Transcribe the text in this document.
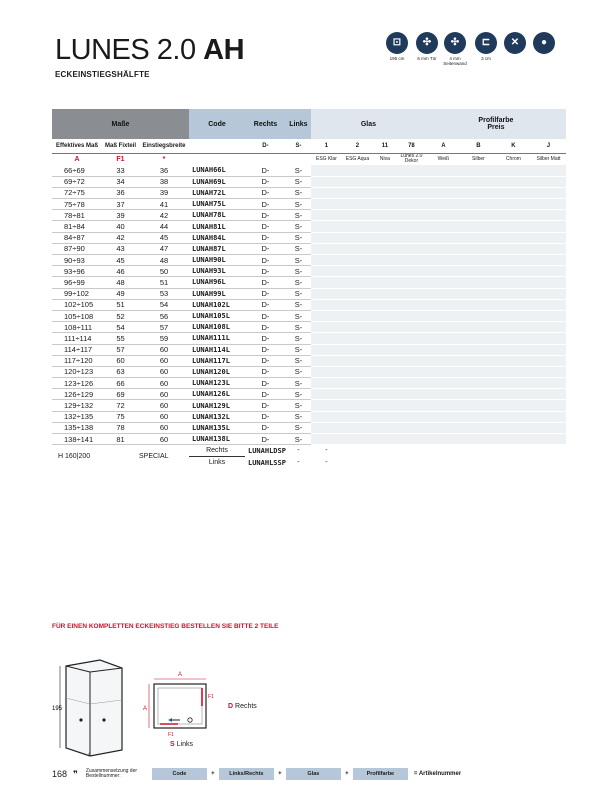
LUNES 2.0 AH
ECKEINSTIEGSHÄLFTE
⊡
195 cm
✣
6 mm Tür
✣
4 mm Seitenwand
⊏
3 cm
✕	●
Maße			Code	Rechts	Links	Glas				Profilfarbe
Preis			

Effektives Maß	Maß Fixteil	Einstiegsbreite		D-	S-	1	2	11	78	A	B	K	J
A	F1	*				ESG Klar	ESG Aqua	Niva	Lunes 2.0 Dekor	Weiß	Silber	Chrom	Silber Matt
66÷69	33	36	LUNAH66L	D-	S-								
69÷72	34	38	LUNAH69L	D-	S-								
72÷75	36	39	LUNAH72L	D-	S-								
75÷78	37	41	LUNAH75L	D-	S-								
78÷81	39	42	LUNAH78L	D-	S-								
81÷84	40	44	LUNAH81L	D-	S-								
84÷87	42	45	LUNAH84L	D-	S-								
87÷90	43	47	LUNAH87L	D-	S-								
90÷93	45	48	LUNAH90L	D-	S-								
93÷96	46	50	LUNAH93L	D-	S-								
96÷99	48	51	LUNAH96L	D-	S-								
99÷102	49	53	LUNAH99L	D-	S-								
102÷105	51	54	LUNAH102L	D-	S-								
105÷108	52	56	LUNAH105L	D-	S-								
108÷111	54	57	LUNAH108L	D-	S-								
111÷114	55	59	LUNAH111L	D-	S-								
114÷117	57	60	LUNAH114L	D-	S-								
117÷120	60	60	LUNAH117L	D-	S-								
120÷123	63	60	LUNAH120L	D-	S-								
123÷126	66	60	LUNAH123L	D-	S-								
126÷129	69	60	LUNAH126L	D-	S-								
129÷132	72	60	LUNAH129L	D-	S-								
132÷135	75	60	LUNAH132L	D-	S-								
135÷138	78	60	LUNAH135L	D-	S-								
138÷141	81	60	LUNAH138L	D-	S-								
H 160|200		SPECIAL	Rechts	LUNAHLDSP	-	-							
			Links	LUNAHLSSP	-	-							
FÜR EINEN KOMPLETTEN ECKEINSTIEG BESTELLEN SIE BITTE 2 TEILE
195
*
A
A
F1
F1
D Rechts
S Links
168 ❞ Zusammensetzung der Bestellnummer:	Code	+	Links/Rechts	+	Glas	+	Profilfarbe	= Artikelnummer
